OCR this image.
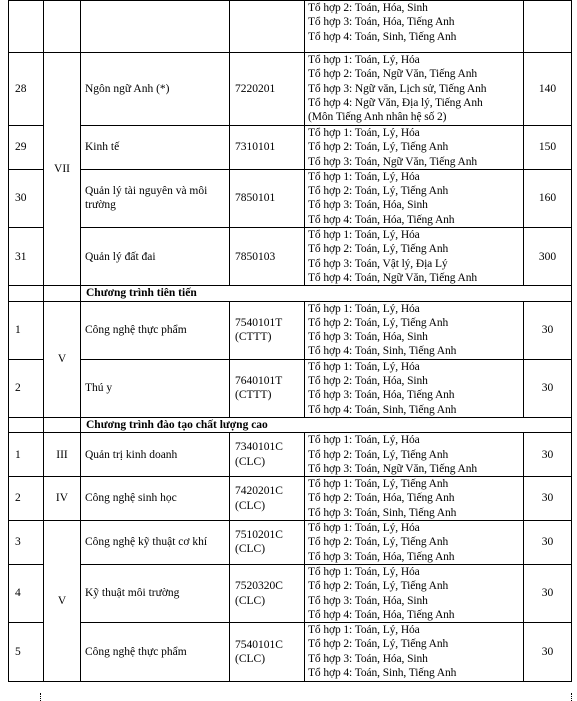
				Tổ hợp 2: Toán, Hóa, Sinh
Tổ hợp 3: Toán, Hóa, Tiếng Anh
Tổ hợp 4: Toán, Sinh, Tiếng Anh	

28	VII	Ngôn ngữ Anh (*)	7220201	Tổ hợp 1: Toán, Lý, Hóa
Tổ hợp 2: Toán, Ngữ Văn, Tiếng Anh
Tổ hợp 3: Ngữ văn, Lịch sử, Tiếng Anh
Tổ hợp 4: Ngữ Văn, Địa lý, Tiếng Anh
(Môn Tiếng Anh nhân hệ số 2)	140
29		Kinh tế	7310101	Tổ hợp 1: Toán, Lý, Hóa
Tổ hợp 2: Toán, Lý, Tiếng Anh
Tổ hợp 3: Toán, Ngữ Văn, Tiếng Anh	150
30		Quản lý tài nguyên và môi trường	7850101	Tổ hợp 1: Toán, Lý, Hóa
Tổ hợp 2: Toán, Lý, Tiếng Anh
Tổ hợp 3: Toán, Hóa, Sinh
Tổ hợp 4: Toán, Hóa, Tiếng Anh	160
31		Quản lý đất đai	7850103	Tổ hợp 1: Toán, Lý, Hóa
Tổ hợp 2: Toán, Lý, Tiếng Anh
Tổ hợp 3: Toán, Vật lý, Địa Lý
Tổ hợp 4: Toán, Ngữ Văn, Tiếng Anh	300
		Chương trình tiên tiến			
1	V	Công nghệ thực phẩm	7540101T (CTTT)	Tổ hợp 1: Toán, Lý, Hóa
Tổ hợp 2: Toán, Lý, Tiếng Anh
Tổ hợp 3: Toán, Hóa, Sinh
Tổ hợp 4: Toán, Sinh, Tiếng Anh	30
2		Thú y	7640101T (CTTT)	Tổ hợp 1: Toán, Lý, Hóa
Tổ hợp 2: Toán, Hóa, Sinh
Tổ hợp 3: Toán, Hóa, Tiếng Anh
Tổ hợp 4: Toán, Sinh, Tiếng Anh	30
		Chương trình đào tạo chất lượng cao			
1	III	Quản trị kinh doanh	7340101C (CLC)	Tổ hợp 1: Toán, Lý, Hóa
Tổ hợp 2: Toán, Lý, Tiếng Anh
Tổ hợp 3: Toán, Ngữ Văn, Tiếng Anh	30
2	IV	Công nghệ sinh học	7420201C (CLC)	Tổ hợp 1: Toán, Lý, Tiếng Anh
Tổ hợp 2: Toán, Hóa, Tiếng Anh
Tổ hợp 3: Toán, Sinh, Tiếng Anh	30
3	V	Công nghệ kỹ thuật cơ khí	7510201C (CLC)	Tổ hợp 1: Toán, Lý, Hóa
Tổ hợp 2: Toán, Lý, Tiếng Anh
Tổ hợp 3: Toán, Hóa, Tiếng Anh	30
4		Kỹ thuật môi trường	7520320C (CLC)	Tổ hợp 1: Toán, Lý, Hóa
Tổ hợp 2: Toán, Lý, Tiếng Anh
Tổ hợp 3: Toán, Hóa, Sinh
Tổ hợp 4: Toán, Hóa, Tiếng Anh	30
5		Công nghệ thực phẩm	7540101C (CLC)	Tổ hợp 1: Toán, Lý, Hóa
Tổ hợp 2: Toán, Lý, Tiếng Anh
Tổ hợp 3: Toán, Hóa, Sinh
Tổ hợp 4: Toán, Sinh, Tiếng Anh	30
